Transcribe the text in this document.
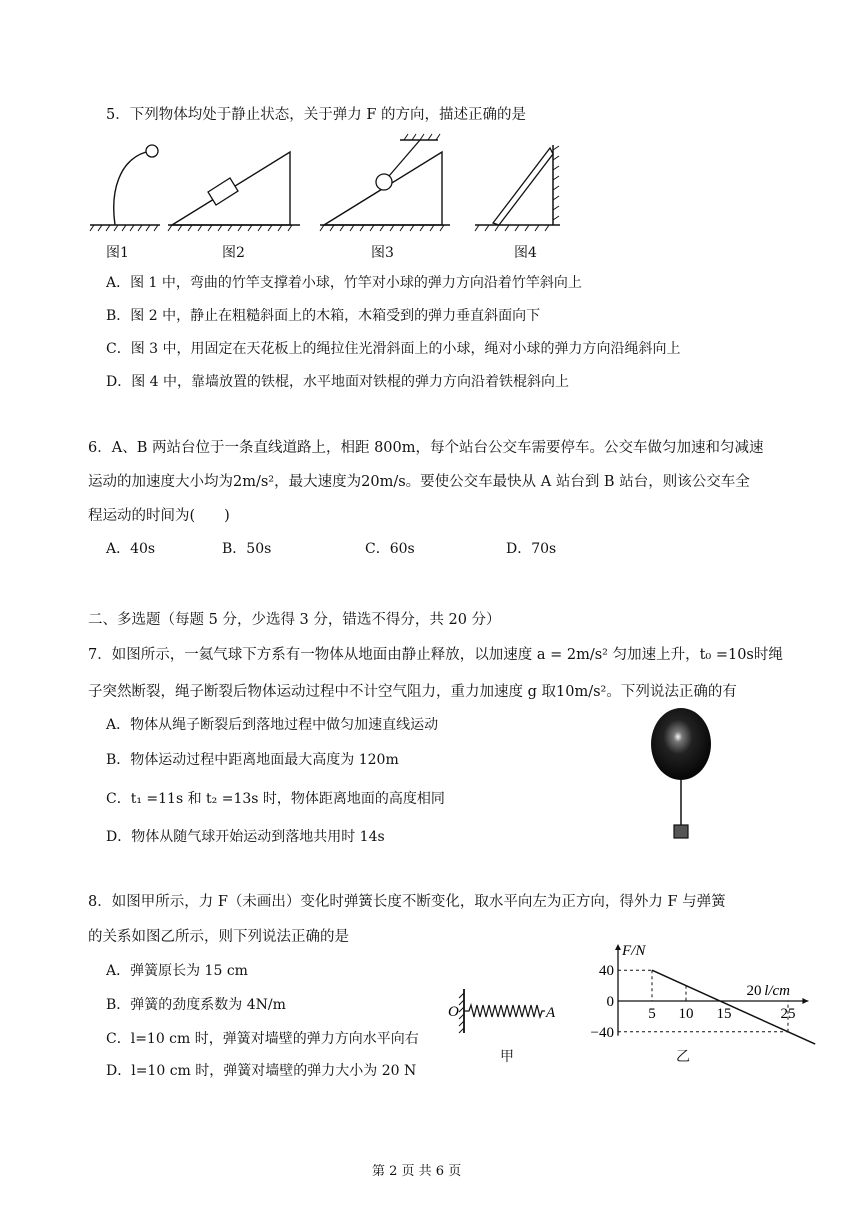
5．下列物体均处于静止状态，关于弹力 F 的方向，描述正确的是
图1	图2	图3	图4
A．图 1 中，弯曲的竹竿支撑着小球，竹竿对小球的弹力方向沿着竹竿斜向上
B．图 2 中，静止在粗糙斜面上的木箱，木箱受到的弹力垂直斜面向下
C．图 3 中，用固定在天花板上的绳拉住光滑斜面上的小球，绳对小球的弹力方向沿绳斜向上
D．图 4 中，靠墙放置的铁棍，水平地面对铁棍的弹力方向沿着铁棍斜向上
6．A、B 两站台位于一条直线道路上，相距 800m，每个站台公交车需要停车。公交车做匀加速和匀减速
运动的加速度大小均为2m/s²，最大速度为20m/s。要使公交车最快从 A 站台到 B 站台，则该公交车全
程运动的时间为(　　)
A．40s	B．50s	C．60s	D．70s
二、多选题（每题 5 分，少选得 3 分，错选不得分，共 20 分）
7．如图所示，一氦气球下方系有一物体从地面由静止释放，以加速度 a = 2m/s² 匀加速上升，t₀ =10s时绳
子突然断裂，绳子断裂后物体运动过程中不计空气阻力，重力加速度 g 取10m/s²。下列说法正确的有
A．物体从绳子断裂后到落地过程中做匀加速直线运动
B．物体运动过程中距离地面最大高度为 120m
C．t₁ =11s 和 t₂ =13s 时，物体距离地面的高度相同
D．物体从随气球开始运动到落地共用时 14s
8．如图甲所示，力 F（未画出）变化时弹簧长度不断变化，取水平向左为正方向，得外力 F 与弹簧
的关系如图乙所示，则下列说法正确的是
A．弹簧原长为 15 cm
B．弹簧的劲度系数为 4N/m
C．l=10 cm 时，弹簧对墙壁的弹力方向水平向右
D．l=10 cm 时，弹簧对墙壁的弹力大小为 20 N
O	A
甲
F/N
l/cm
40
0
−40
5 10 15
20
25
乙
第 2 页 共 6 页
